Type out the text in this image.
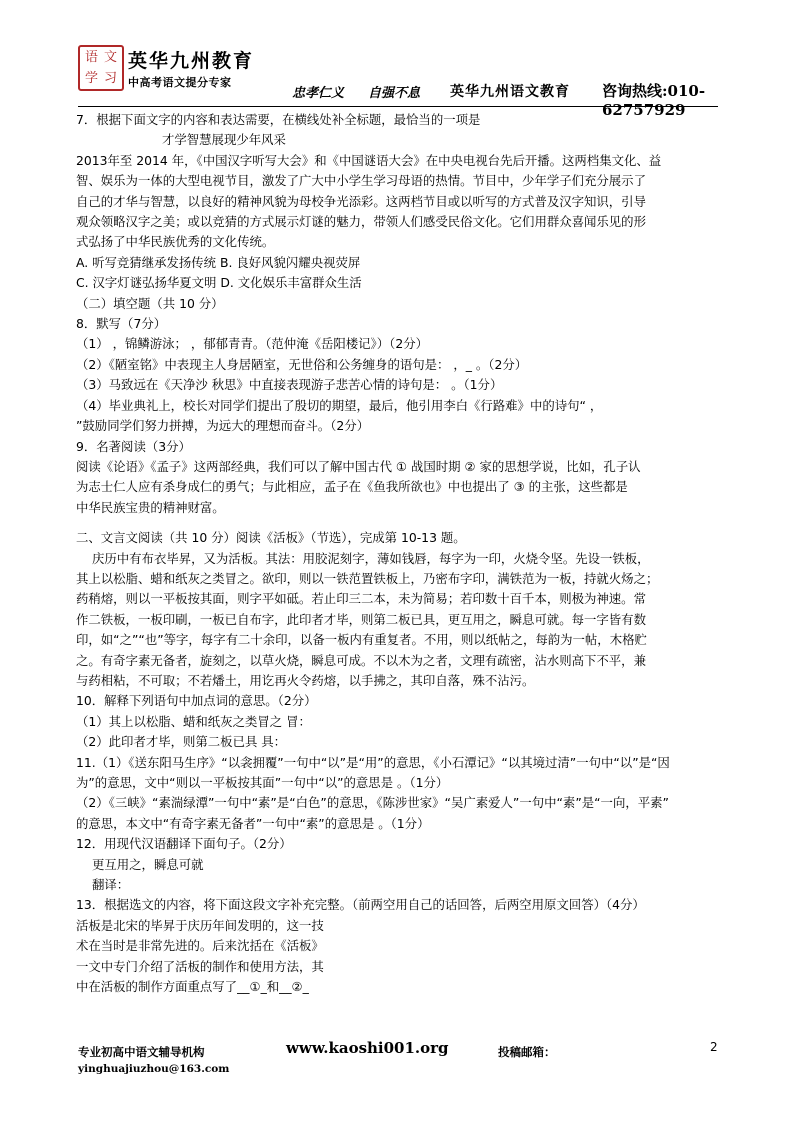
语 文
学 习
英华九州教育
中高考语文提分专家
忠孝仁义 自强不息 英华九州语文教育 咨询热线:010-62757929

7．根据下面文字的内容和表达需要，在横线处补全标题，最恰当的一项是

才学智慧展现少年风采

2013年至 2014 年，《中国汉字听写大会》和《中国谜语大会》在中央电视台先后开播。这两档集文化、益

智、娱乐为一体的大型电视节目，激发了广大中小学生学习母语的热情。节目中，少年学子们充分展示了

自己的才华与智慧，以良好的精神风貌为母校争光添彩。这两档节目或以听写的方式普及汉字知识，引导

观众领略汉字之美；或以竞猜的方式展示灯谜的魅力，带领人们感受民俗文化。它们用群众喜闻乐见的形

式弘扬了中华民族优秀的文化传统。

A. 听写竞猜继承发扬传统 B. 良好风貌闪耀央视荧屏

C. 汉字灯谜弘扬华夏文明 D. 文化娱乐丰富群众生活

（二）填空题（共 10 分）

8．默写（7分）

（1） ，锦鳞游泳； ，郁郁青青。（范仲淹《岳阳楼记》）（2分）

（2）《陋室铭》中表现主人身居陋室，无世俗和公务缠身的语句是： ，_ 。（2分）

（3）马致远在《天净沙 秋思》中直接表现游子悲苦心情的诗句是： 。（1分）

（4）毕业典礼上，校长对同学们提出了殷切的期望，最后，他引用李白《行路难》中的诗句“ ，

”鼓励同学们努力拼搏，为远大的理想而奋斗。（2分）

9．名著阅读（3分）

阅读《论语》《孟子》这两部经典，我们可以了解中国古代 ① 战国时期 ② 家的思想学说，比如，孔子认

为志士仁人应有杀身成仁的勇气；与此相应，孟子在《鱼我所欲也》中也提出了 ③ 的主张，这些都是

中华民族宝贵的精神财富。

二、文言文阅读（共 10 分）阅读《活板》（节选），完成第 10-13 题。

庆历中有布衣毕昇，又为活板。其法：用胶泥刻字，薄如钱唇，每字为一印，火烧令坚。先设一铁板，

其上以松脂、蜡和纸灰之类冒之。欲印，则以一铁范置铁板上，乃密布字印，满铁范为一板，持就火炀之；

药稍熔，则以一平板按其面，则字平如砥。若止印三二本，未为简易；若印数十百千本，则极为神速。常

作二铁板，一板印刷，一板已自布字，此印者才毕，则第二板已具，更互用之，瞬息可就。每一字皆有数

印，如“之”“也”等字，每字有二十余印，以备一板内有重复者。不用，则以纸帖之，每韵为一帖，木格贮

之。有奇字素无备者，旋刻之，以草火烧，瞬息可成。不以木为之者，文理有疏密，沾水则高下不平，兼

与药相粘，不可取；不若燔土，用讫再火令药熔，以手拂之，其印自落，殊不沾污。

10．解释下列语句中加点词的意思。（2分）

（1）其上以松脂、蜡和纸灰之类冒之 冒：

（2）此印者才毕，则第二板已具 具：

11.（1）《送东阳马生序》“以衾拥覆”一句中“以”是“用”的意思，《小石潭记》“以其境过清”一句中“以”是“因

为”的意思，文中“则以一平板按其面”一句中“以”的意思是 。（1分）

（2）《三峡》“素湍绿潭”一句中“素”是“白色”的意思，《陈涉世家》“吴广素爱人”一句中“素”是“一向，平素”

的意思，本文中“有奇字素无备者”一句中“素”的意思是 。（1分）

12．用现代汉语翻译下面句子。（2分）

更互用之，瞬息可就

翻译：

13．根据选文的内容，将下面这段文字补充完整。（前两空用自己的话回答，后两空用原文回答）（4分）

活板是北宋的毕昇于庆历年间发明的，这一技

术在当时是非常先进的。后来沈括在《活板》

一文中专门介绍了活板的制作和使用方法，其

中在活板的制作方面重点写了__①_和__②_

专业初高中语文辅导机构	www.kaoshi001.org	投稿邮箱：
yinghuajiuzhou@163.com
2
